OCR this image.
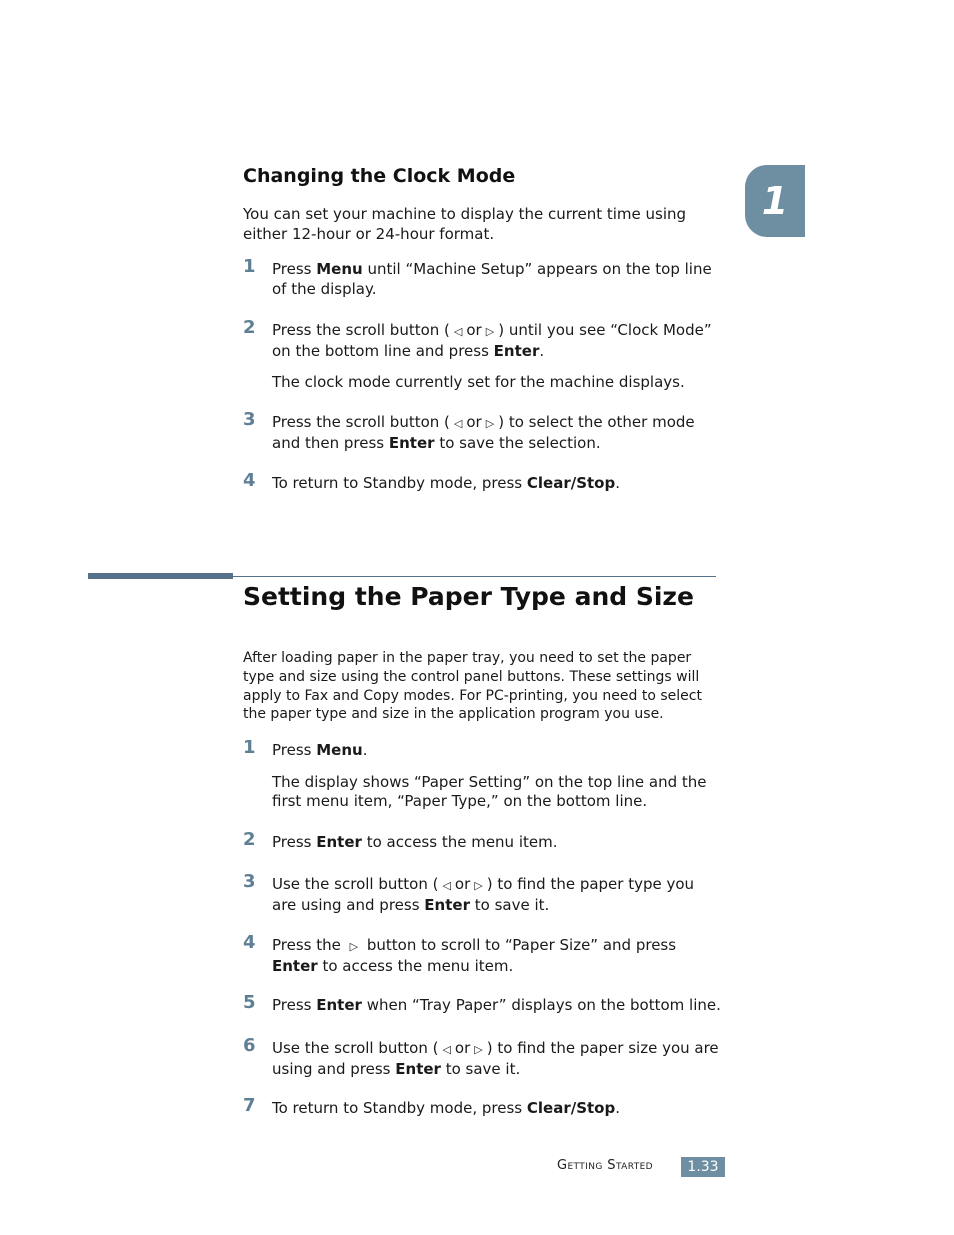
1
Changing the Clock Mode
You can set your machine to display the current time using either 12-hour or 24-hour format.
1 Press Menu until “Machine Setup” appears on the top line of the display.
2 Press the scroll button ( ◁ or ▷ ) until you see “Clock Mode” on the bottom line and press Enter.
The clock mode currently set for the machine displays.
3 Press the scroll button ( ◁ or ▷ ) to select the other mode and then press Enter to save the selection.
4 To return to Standby mode, press Clear/Stop.
Setting the Paper Type and Size
After loading paper in the paper tray, you need to set the paper type and size using the control panel buttons. These settings will apply to Fax and Copy modes. For PC-printing, you need to select the paper type and size in the application program you use.
1 Press Menu.
The display shows “Paper Setting” on the top line and the first menu item, “Paper Type,” on the bottom line.
2 Press Enter to access the menu item.
3 Use the scroll button ( ◁ or ▷ ) to find the paper type you are using and press Enter to save it.
4 Press the ▷ button to scroll to “Paper Size” and press
Enter to access the menu item.
5 Press Enter when “Tray Paper” displays on the bottom line.
6 Use the scroll button ( ◁ or ▷ ) to find the paper size you are using and press Enter to save it.
7 To return to Standby mode, press Clear/Stop.
Getting Started	1.33
